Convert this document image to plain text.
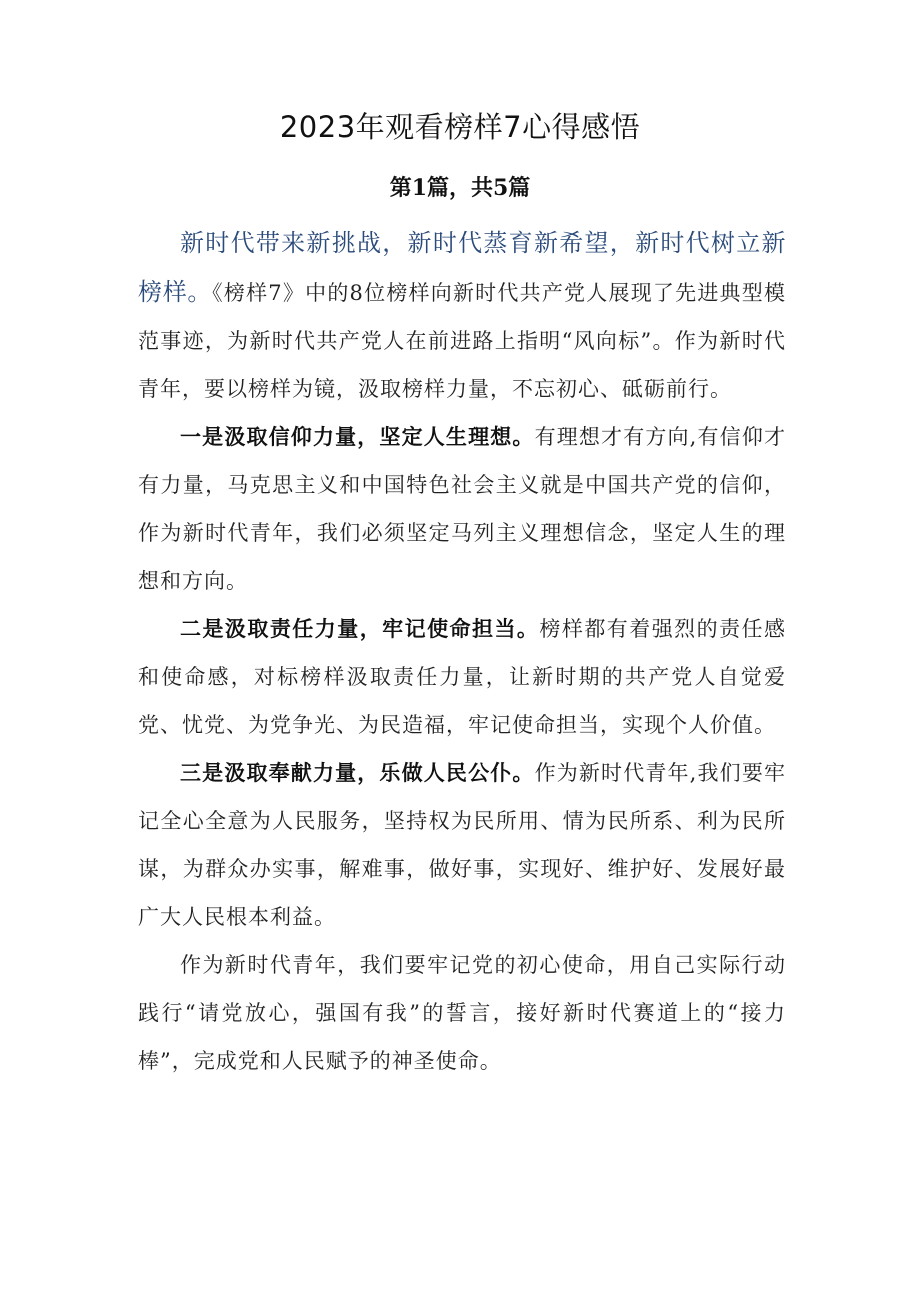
2023年观看榜样7心得感悟
第1篇，共5篇

新时代带来新挑战，新时代蒸育新希望，新时代树立新榜样。《榜样7》中的8位榜样向新时代共产党人展现了先进典型模范事迹，为新时代共产党人在前进路上指明“风向标”。作为新时代青年，要以榜样为镜，汲取榜样力量，不忘初心、砥砺前行。

一是汲取信仰力量，坚定人生理想。有理想才有方向,有信仰才有力量，马克思主义和中国特色社会主义就是中国共产党的信仰，作为新时代青年，我们必须坚定马列主义理想信念，坚定人生的理想和方向。

二是汲取责任力量，牢记使命担当。榜样都有着强烈的责任感和使命感，对标榜样汲取责任力量，让新时期的共产党人自觉爱党、忧党、为党争光、为民造福，牢记使命担当，实现个人价值。

三是汲取奉献力量，乐做人民公仆。作为新时代青年,我们要牢记全心全意为人民服务，坚持权为民所用、情为民所系、利为民所谋，为群众办实事，解难事，做好事，实现好、维护好、发展好最广大人民根本利益。

作为新时代青年，我们要牢记党的初心使命，用自己实际行动践行“请党放心，强国有我”的誓言，接好新时代赛道上的“接力棒”，完成党和人民赋予的神圣使命。
